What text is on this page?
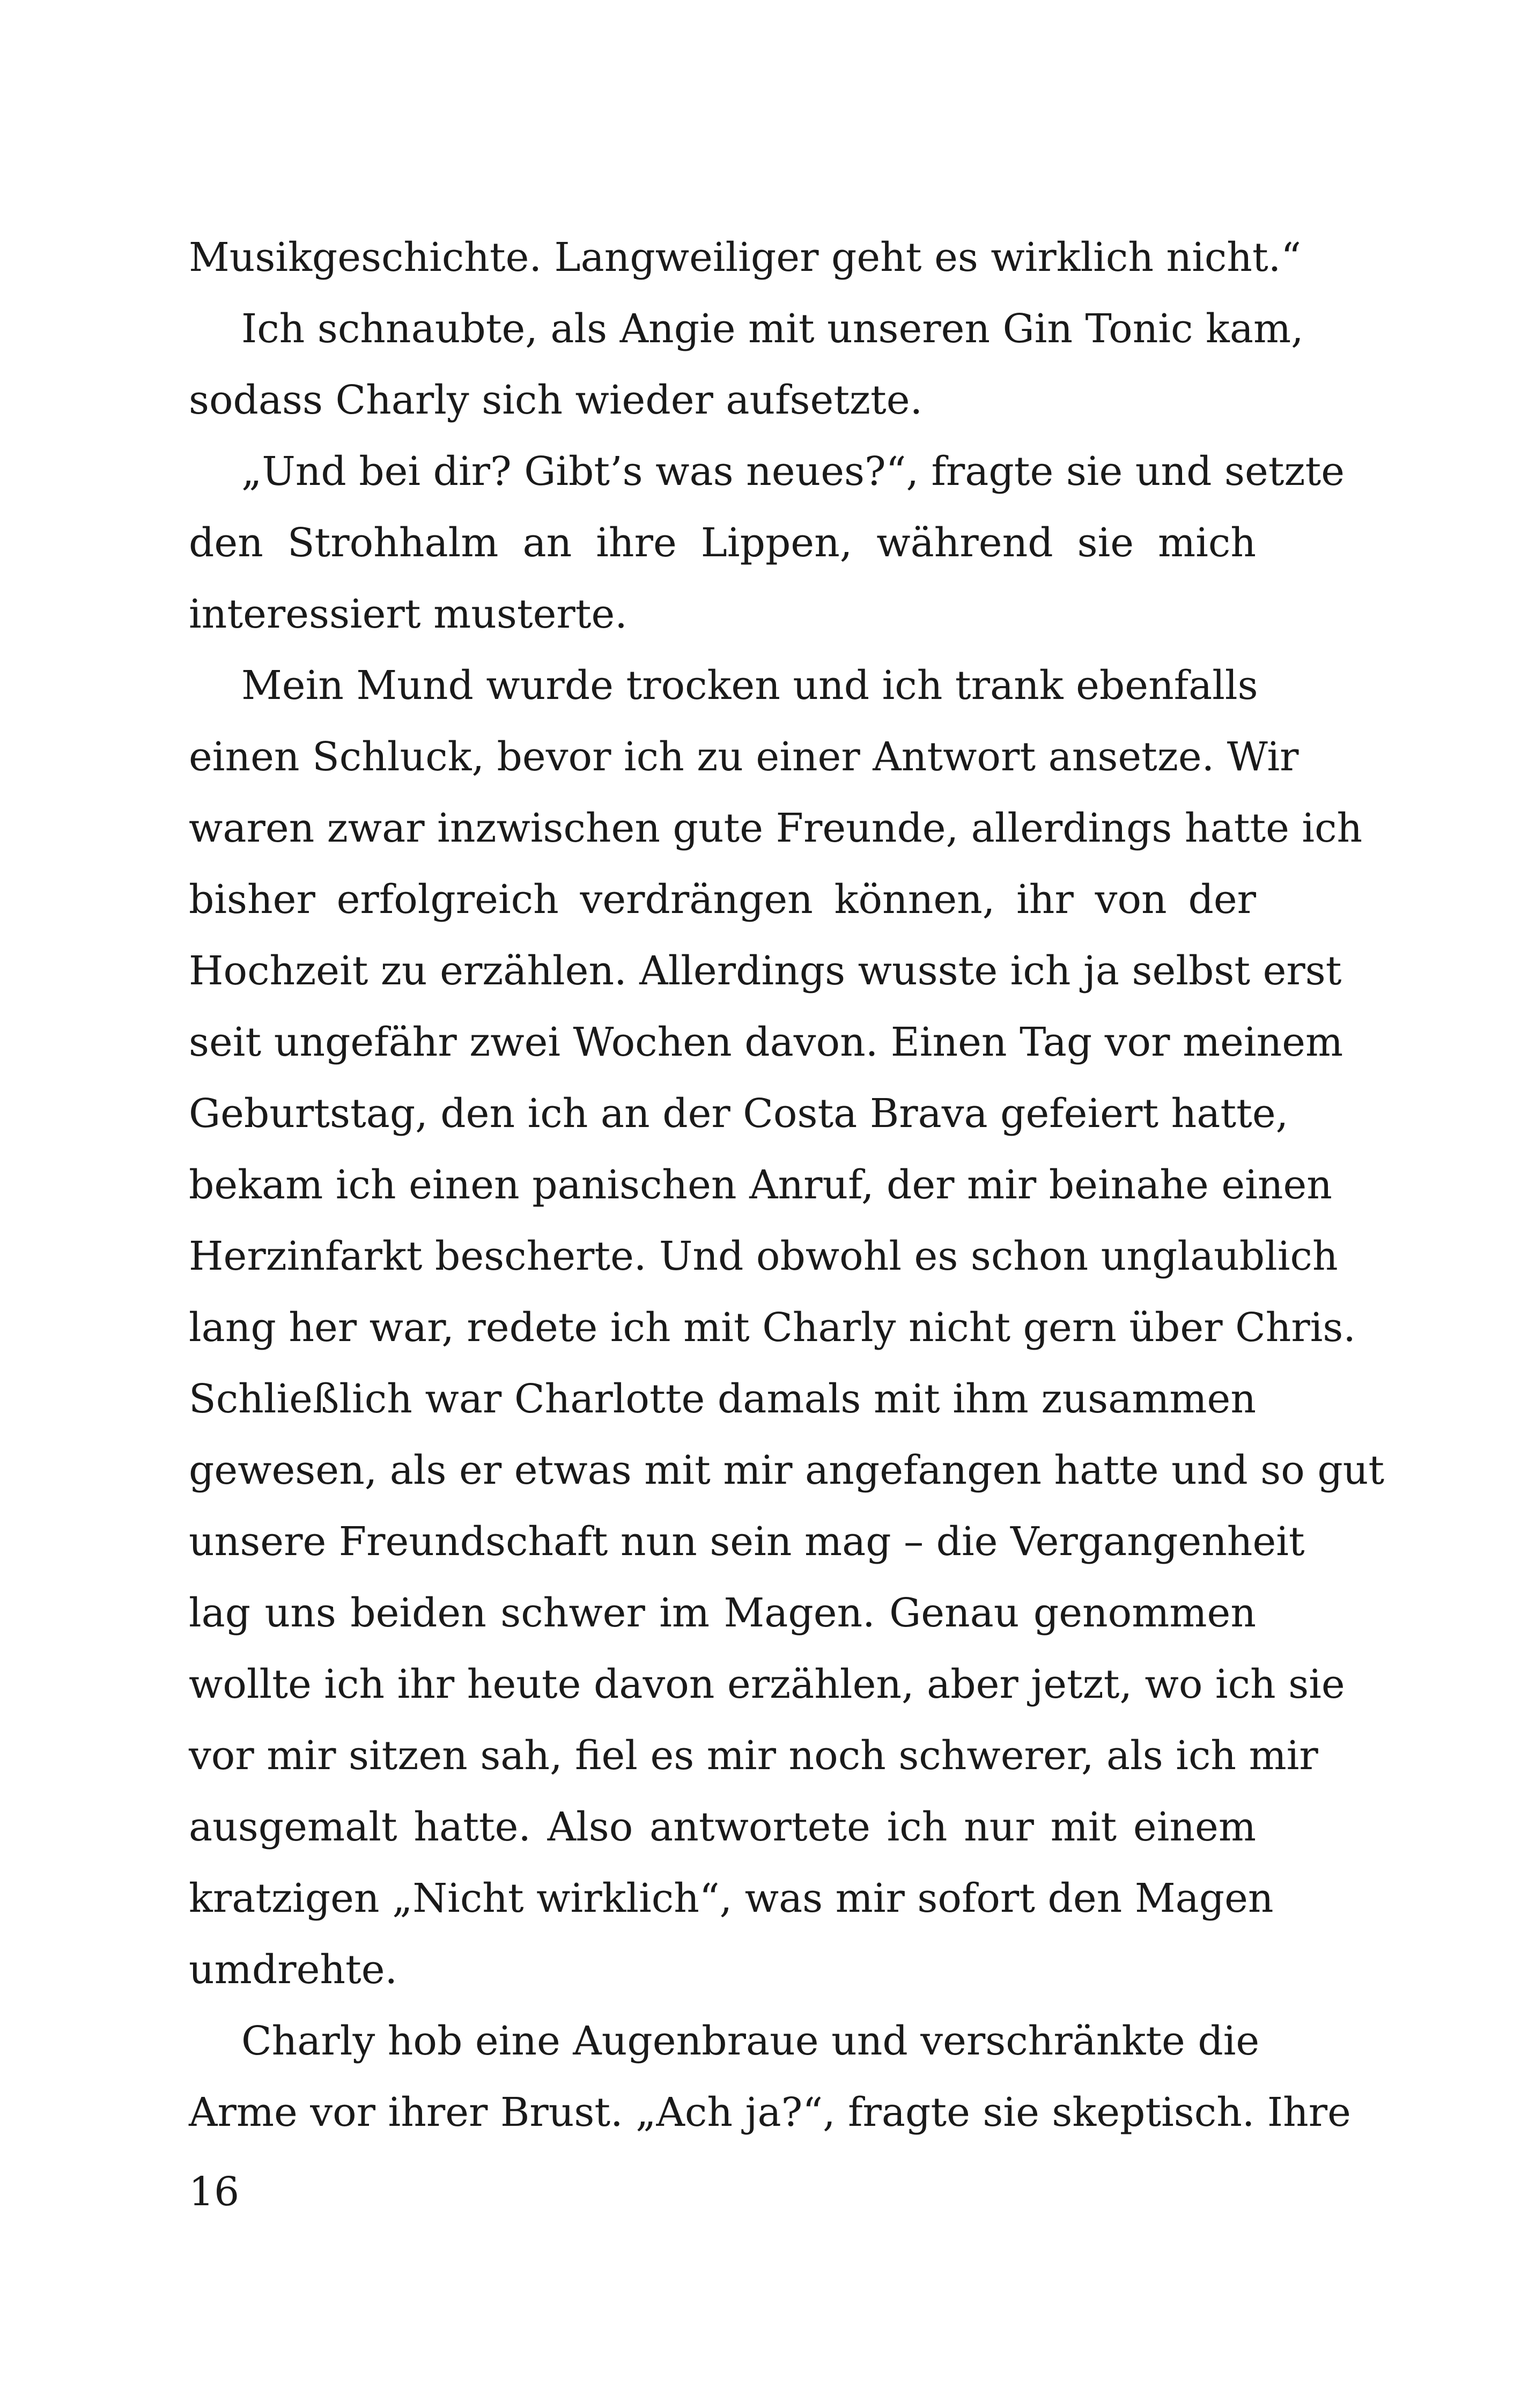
Musikgeschichte. Langweiliger geht es wirklich nicht.“
Ich schnaubte, als Angie mit unseren Gin Tonic kam,
sodass Charly sich wieder aufsetzte.
„Und bei dir? Gibt’s was neues?“, fragte sie und setzte
den Strohhalm an ihre Lippen, während sie mich
interessiert musterte.
Mein Mund wurde trocken und ich trank ebenfalls
einen Schluck, bevor ich zu einer Antwort ansetze. Wir
waren zwar inzwischen gute Freunde, allerdings hatte ich
bisher erfolgreich verdrängen können, ihr von der
Hochzeit zu erzählen. Allerdings wusste ich ja selbst erst
seit ungefähr zwei Wochen davon. Einen Tag vor meinem
Geburtstag, den ich an der Costa Brava gefeiert hatte,
bekam ich einen panischen Anruf, der mir beinahe einen
Herzinfarkt bescherte. Und obwohl es schon unglaublich
lang her war, redete ich mit Charly nicht gern über Chris.
Schließlich war Charlotte damals mit ihm zusammen
gewesen, als er etwas mit mir angefangen hatte und so gut
unsere Freundschaft nun sein mag – die Vergangenheit
lag uns beiden schwer im Magen. Genau genommen
wollte ich ihr heute davon erzählen, aber jetzt, wo ich sie
vor mir sitzen sah, fiel es mir noch schwerer, als ich mir
ausgemalt hatte. Also antwortete ich nur mit einem
kratzigen „Nicht wirklich“, was mir sofort den Magen
umdrehte.
Charly hob eine Augenbraue und verschränkte die
Arme vor ihrer Brust. „Ach ja?“, fragte sie skeptisch. Ihre
16
